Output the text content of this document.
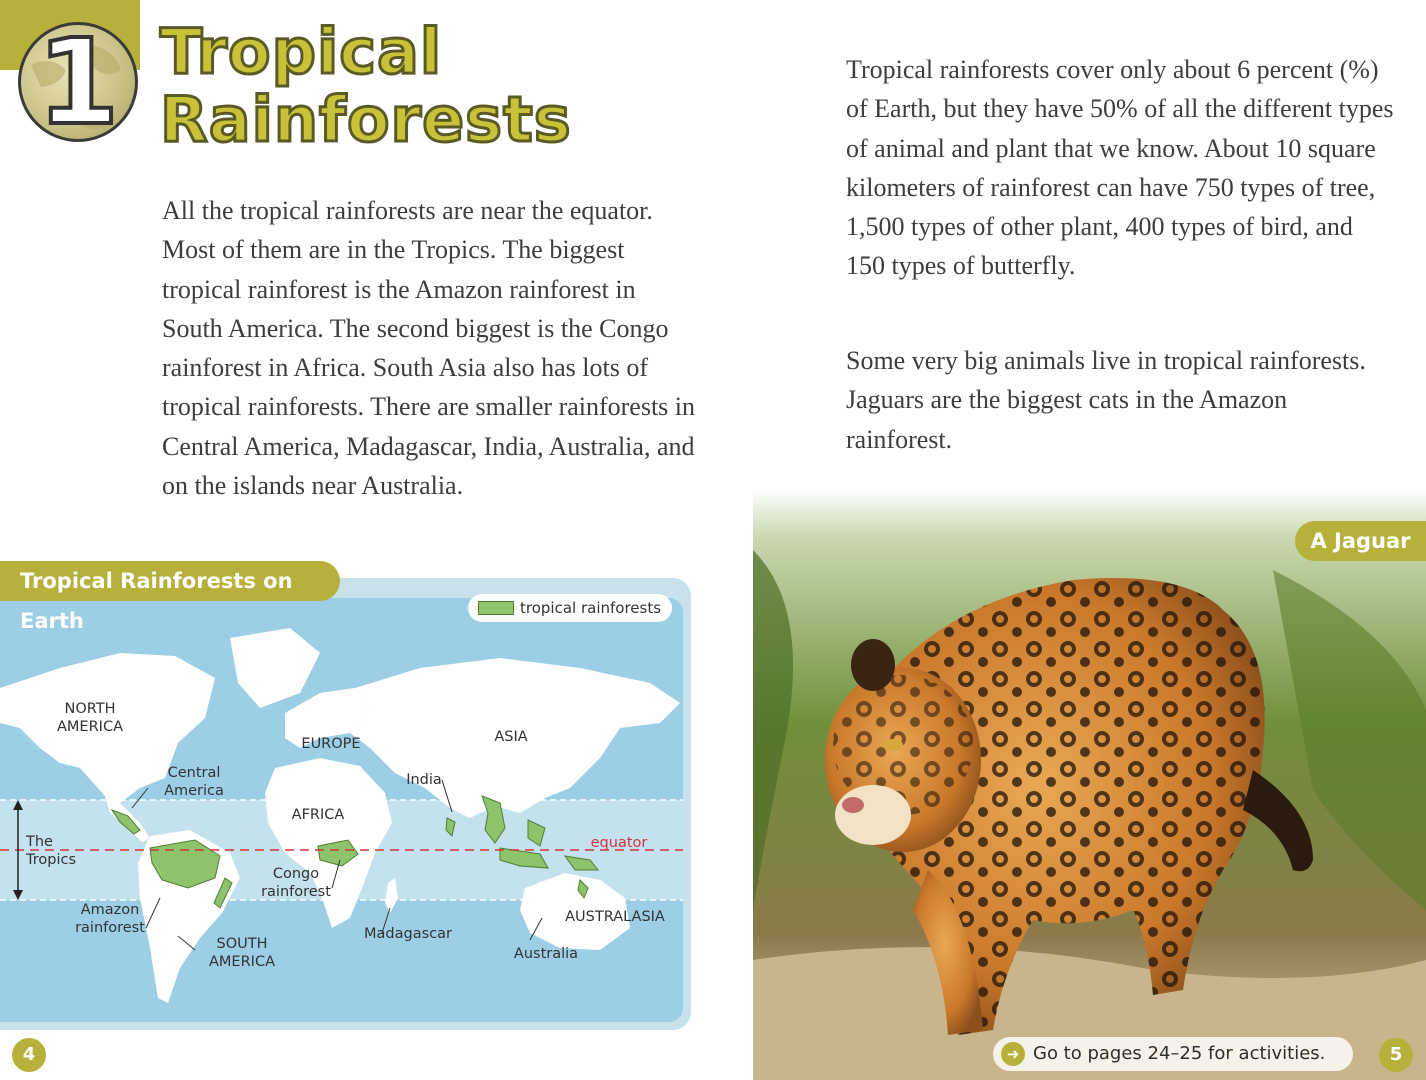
1 Tropical
Rainforests

All the tropical rainforests are near the equator. Most of them are in the Tropics. The biggest tropical rainforest is the Amazon rainforest in South America. The second biggest is the Congo rainforest in Africa. South Asia also has lots of tropical rainforests. There are smaller rainforests in Central America, Madagascar, India, Australia, and on the islands near Australia.

Tropical Rainforests on Earth
tropical rainforests
NORTH
AMERICA
EUROPE	ASIA
Central
America
India
AFRICA
equator
The
Tropics
Congo
rainforest
Amazon
rainforest	Madagascar
AUSTRALASIA
SOUTH
AMERICA	Australia
4

Tropical rainforests cover only about 6 percent (%) of Earth, but they have 50% of all the different types of animal and plant that we know. About 10 square kilometers of rainforest can have 750 types of tree, 1,500 types of other plant, 400 types of bird, and 150 types of butterfly.

Some very big animals live in tropical rainforests. Jaguars are the biggest cats in the Amazon rainforest.

A Jaguar
➜ Go to pages 24–25 for activities.	5
